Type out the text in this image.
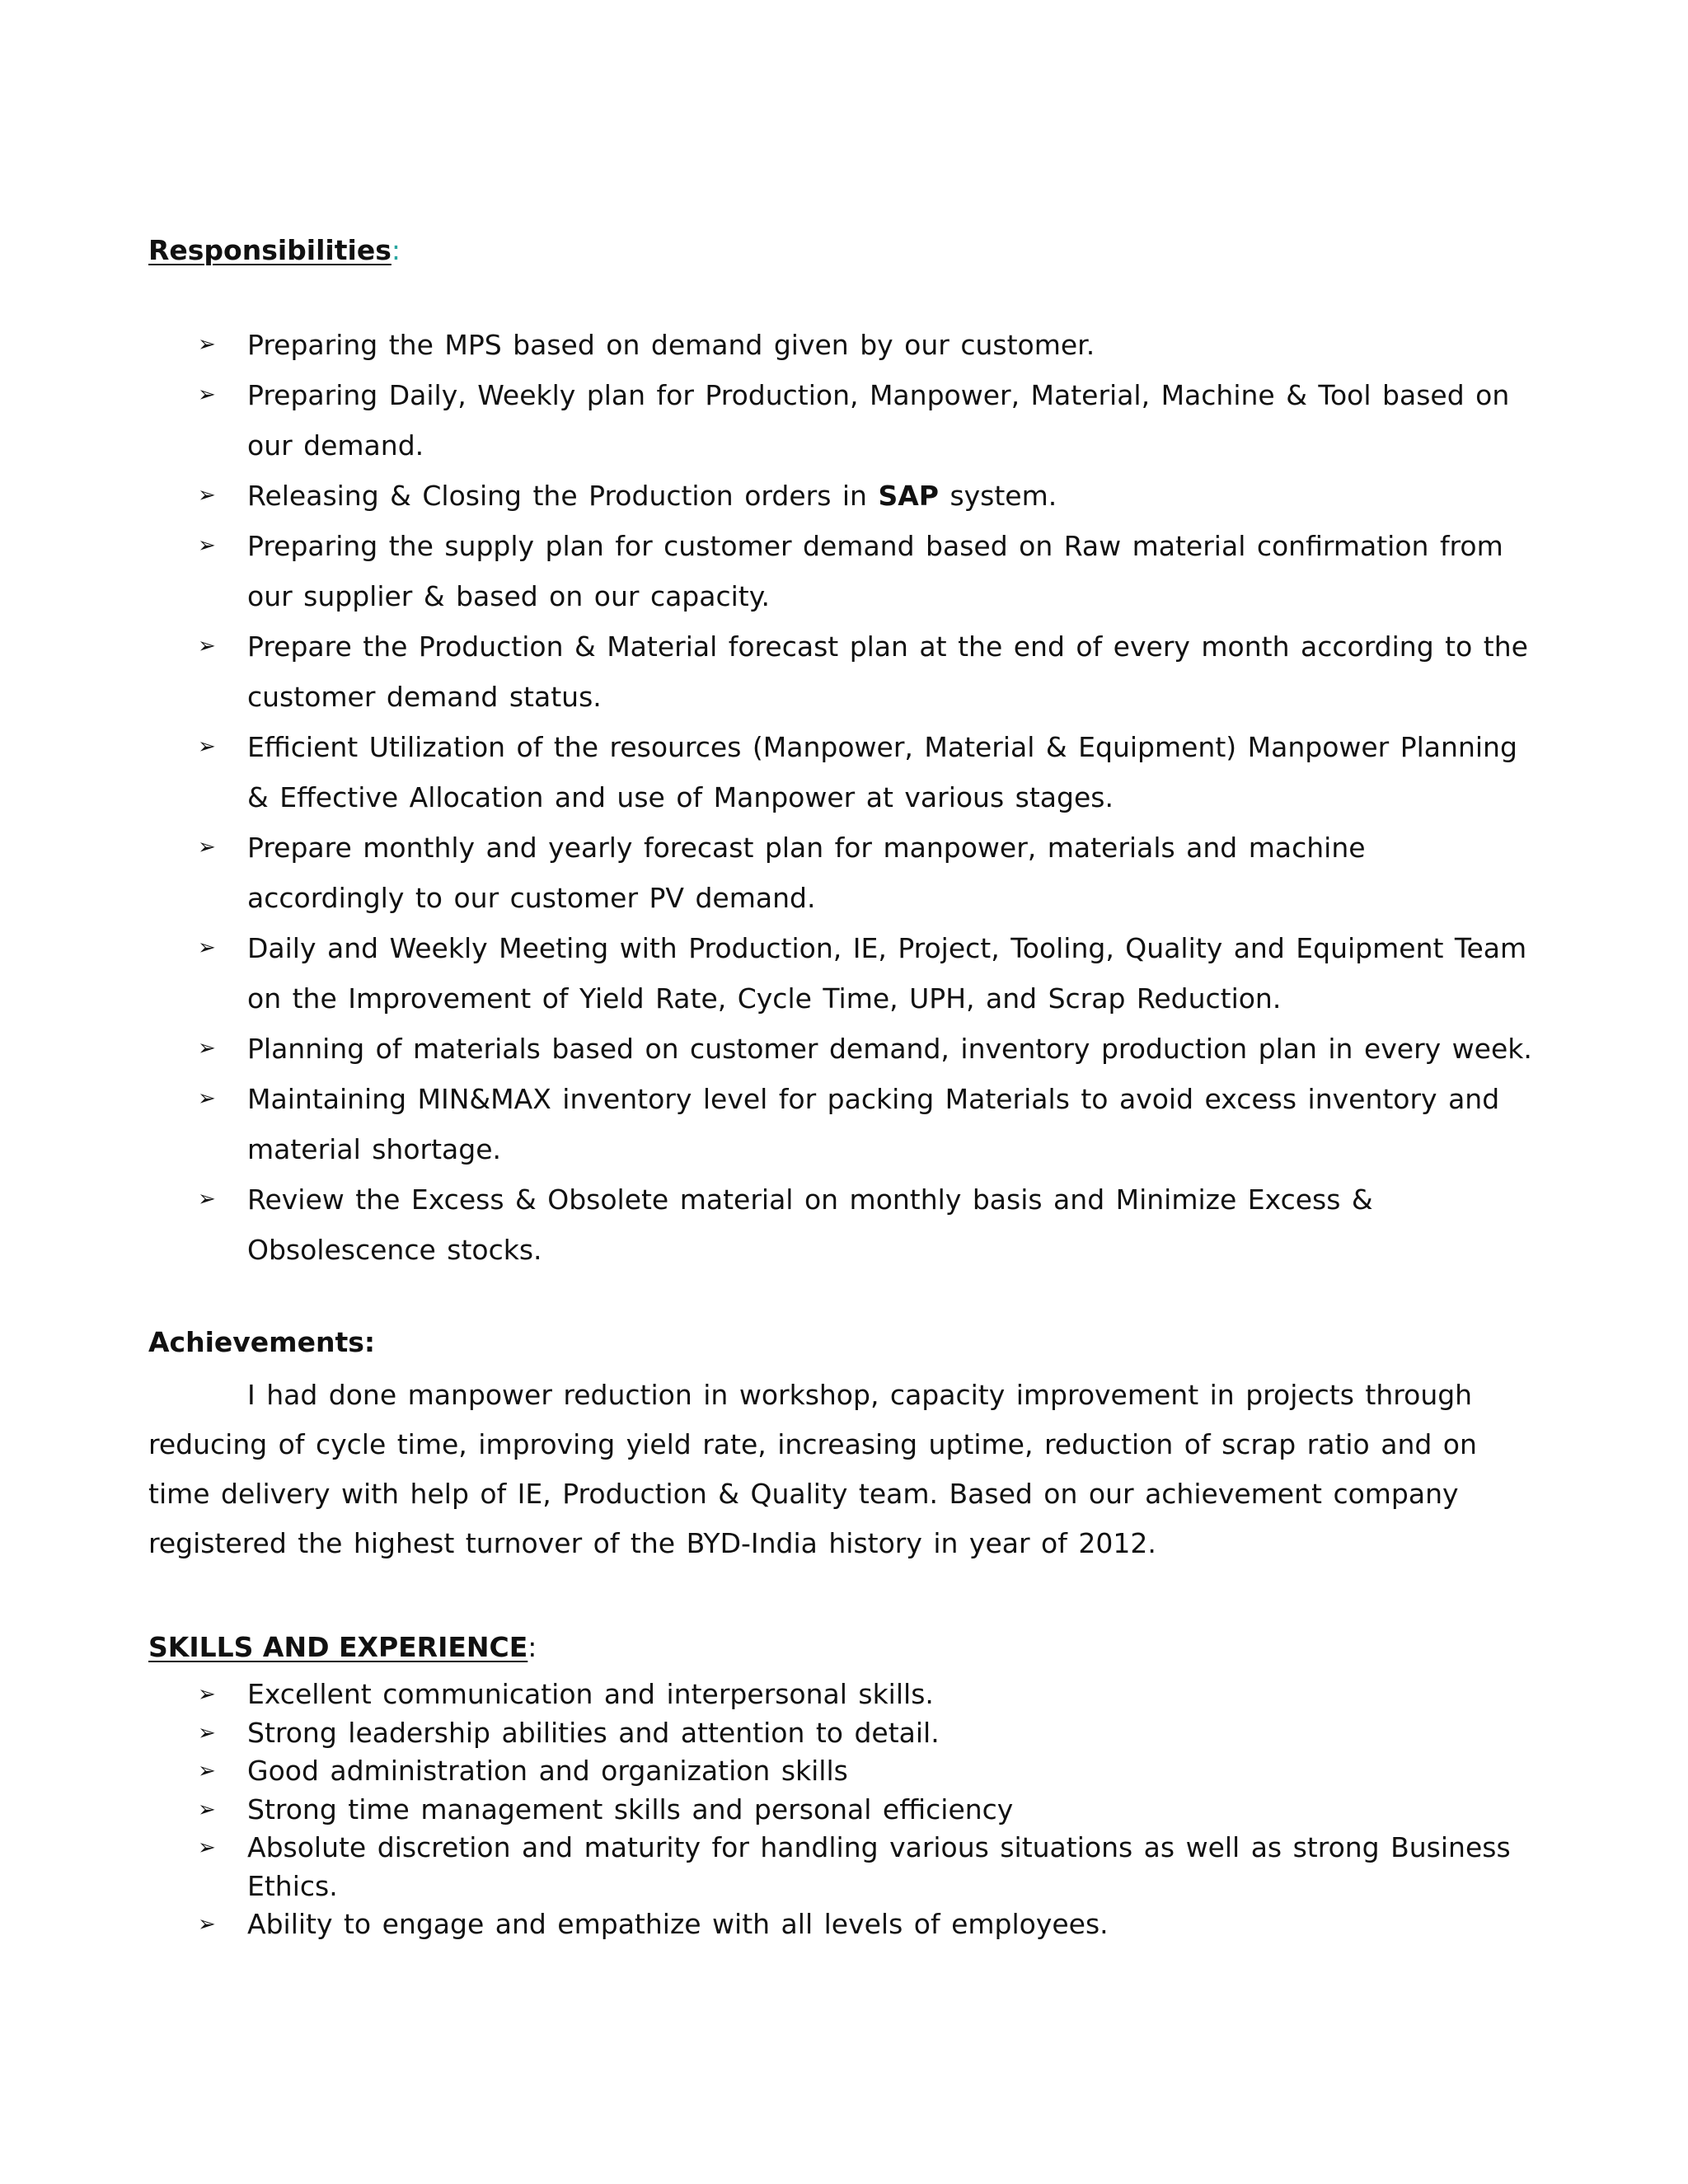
Responsibilities:

➢ Preparing the MPS based on demand given by our customer.
➢ Preparing Daily, Weekly plan for Production, Manpower, Material, Machine & Tool based on our demand.
➢ Releasing & Closing the Production orders in SAP system.
➢ Preparing the supply plan for customer demand based on Raw material confirmation from our supplier & based on our capacity.
➢ Prepare the Production & Material forecast plan at the end of every month according to the customer demand status.
➢ Efficient Utilization of the resources (Manpower, Material & Equipment) Manpower Planning & Effective Allocation and use of Manpower at various stages.
➢ Prepare monthly and yearly forecast plan for manpower, materials and machine accordingly to our customer PV demand.
➢ Daily and Weekly Meeting with Production, IE, Project, Tooling, Quality and Equipment Team on the Improvement of Yield Rate, Cycle Time, UPH, and Scrap Reduction.
➢ Planning of materials based on customer demand, inventory production plan in every week.
➢ Maintaining MIN&MAX inventory level for packing Materials to avoid excess inventory and material shortage.
➢ Review the Excess & Obsolete material on monthly basis and Minimize Excess & Obsolescence stocks.

Achievements:

I had done manpower reduction in workshop, capacity improvement in projects through reducing of cycle time, improving yield rate, increasing uptime, reduction of scrap ratio and on time delivery with help of IE, Production & Quality team. Based on our achievement company registered the highest turnover of the BYD-India history in year of 2012.

SKILLS AND EXPERIENCE:

➢ Excellent communication and interpersonal skills.
➢ Strong leadership abilities and attention to detail.
➢ Good administration and organization skills
➢ Strong time management skills and personal efficiency
➢ Absolute discretion and maturity for handling various situations as well as strong Business Ethics.
➢ Ability to engage and empathize with all levels of employees.
